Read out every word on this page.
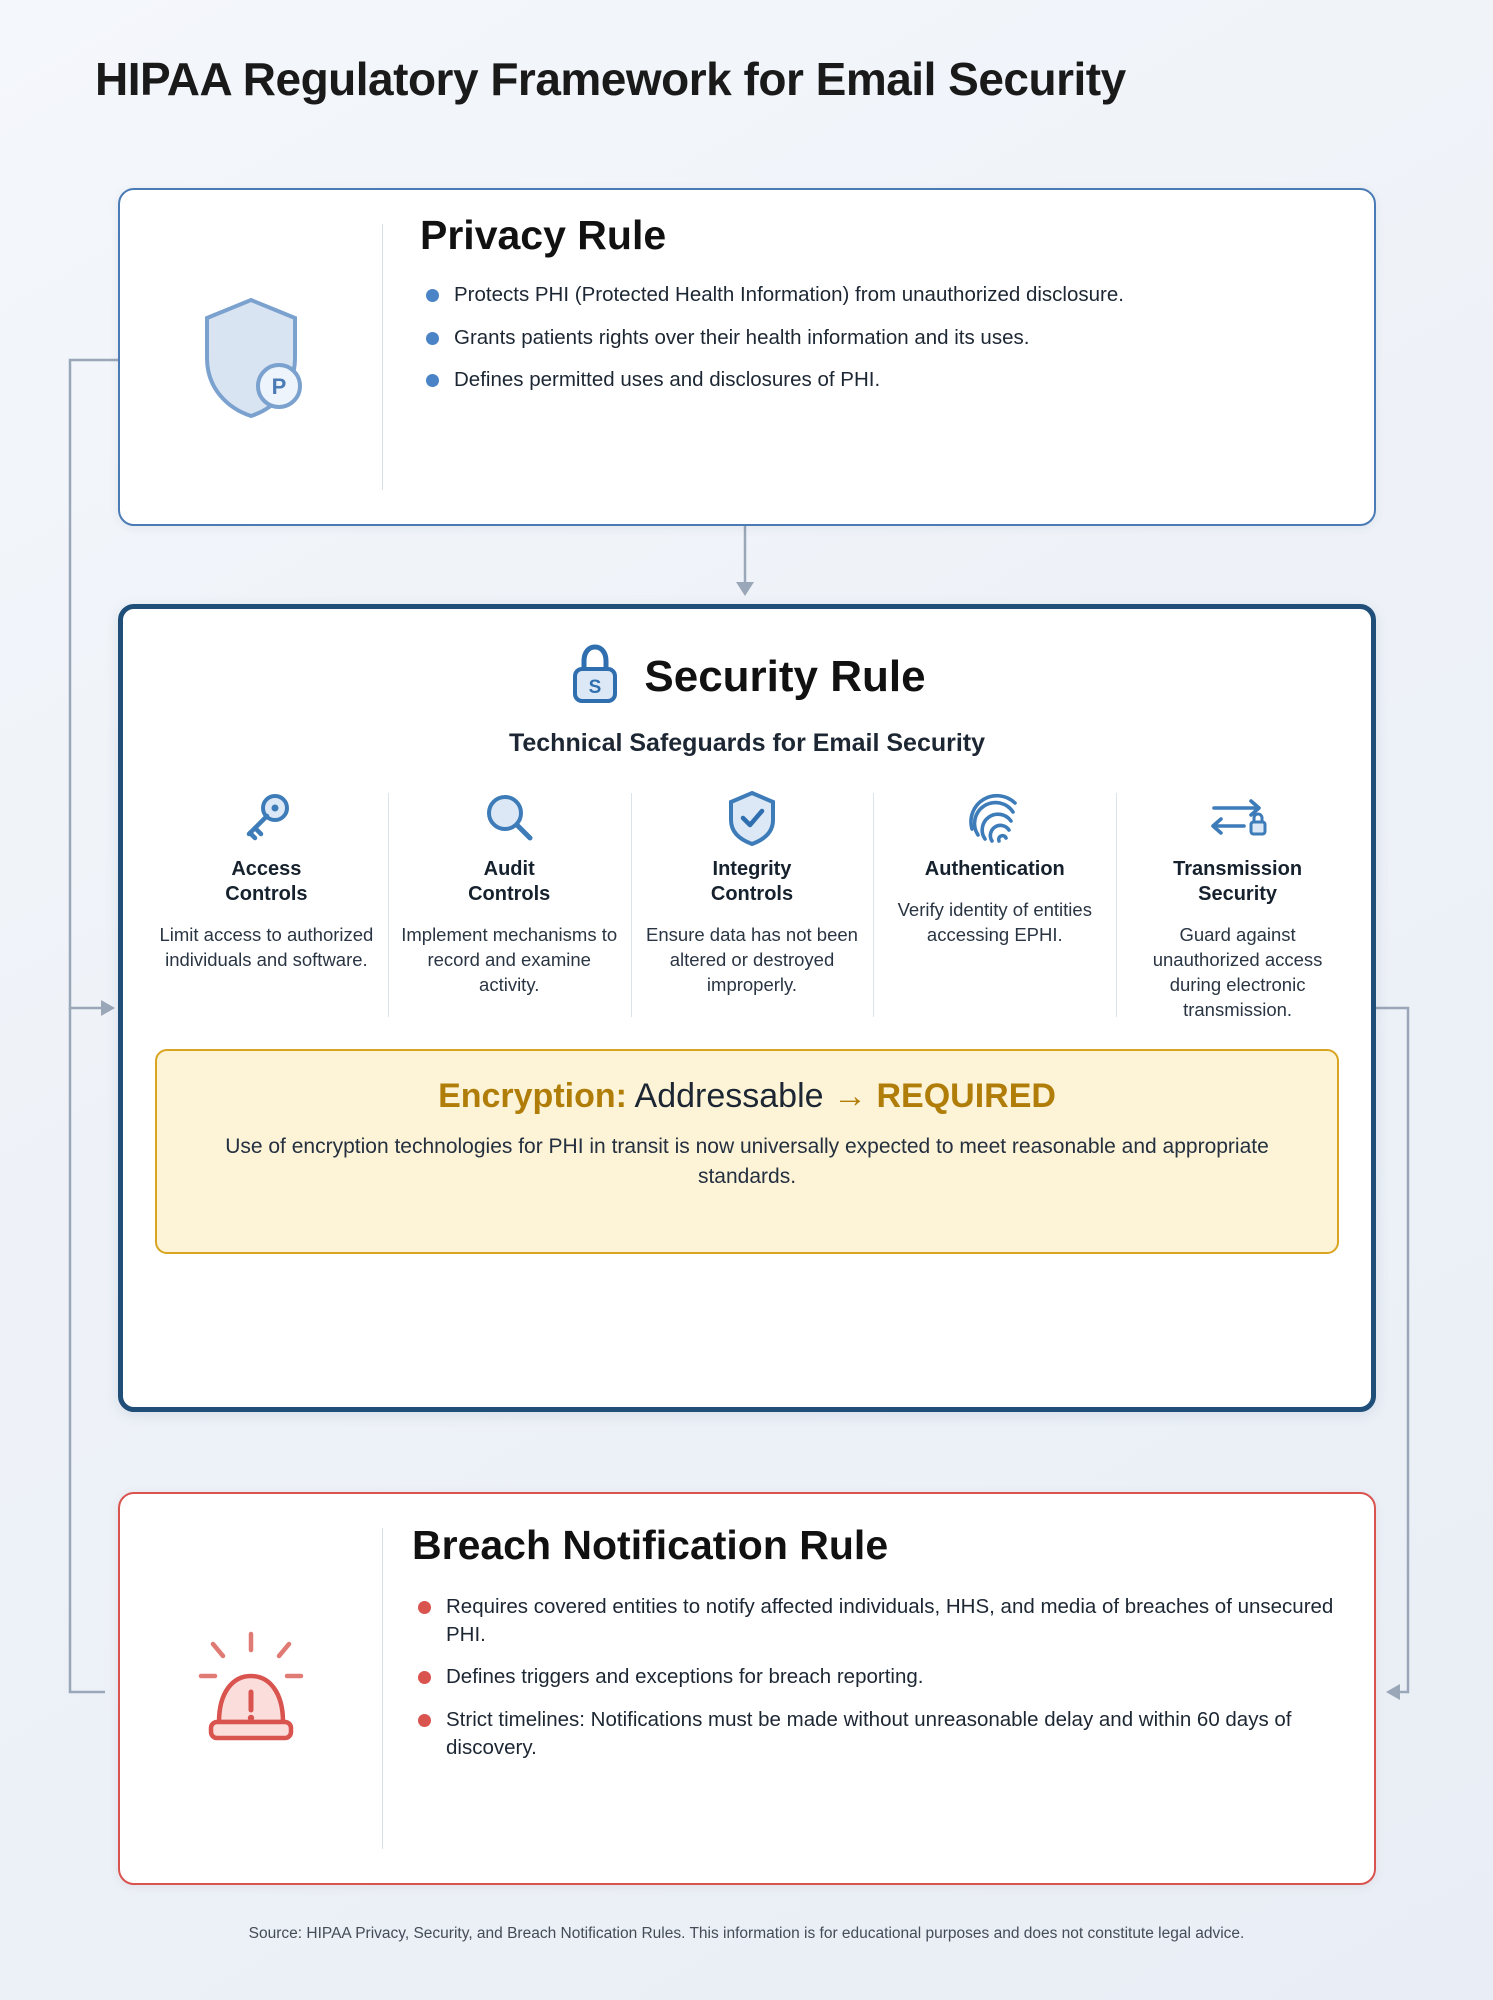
HIPAA Regulatory Framework for Email Security
P
Privacy Rule
Protects PHI (Protected Health Information) from unauthorized disclosure.
Grants patients rights over their health information and its uses.
Defines permitted uses and disclosures of PHI.
S Security Rule
Technical Safeguards for Email Security
Access
Controls
Limit access to authorized individuals and software.
Audit
Controls
Implement mechanisms to record and examine activity.
Integrity
Controls
Ensure data has not been altered or destroyed improperly.
Authentication
Verify identity of entities accessing EPHI.
Transmission
Security
Guard against unauthorized access during electronic transmission.
Encryption: Addressable → REQUIRED
Use of encryption technologies for PHI in transit is now universally expected to meet reasonable and appropriate standards.
Breach Notification Rule
Requires covered entities to notify affected individuals, HHS, and media of breaches of unsecured PHI.
Defines triggers and exceptions for breach reporting.
Strict timelines: Notifications must be made without unreasonable delay and within 60 days of discovery.
Source: HIPAA Privacy, Security, and Breach Notification Rules. This information is for educational purposes and does not constitute legal advice.
